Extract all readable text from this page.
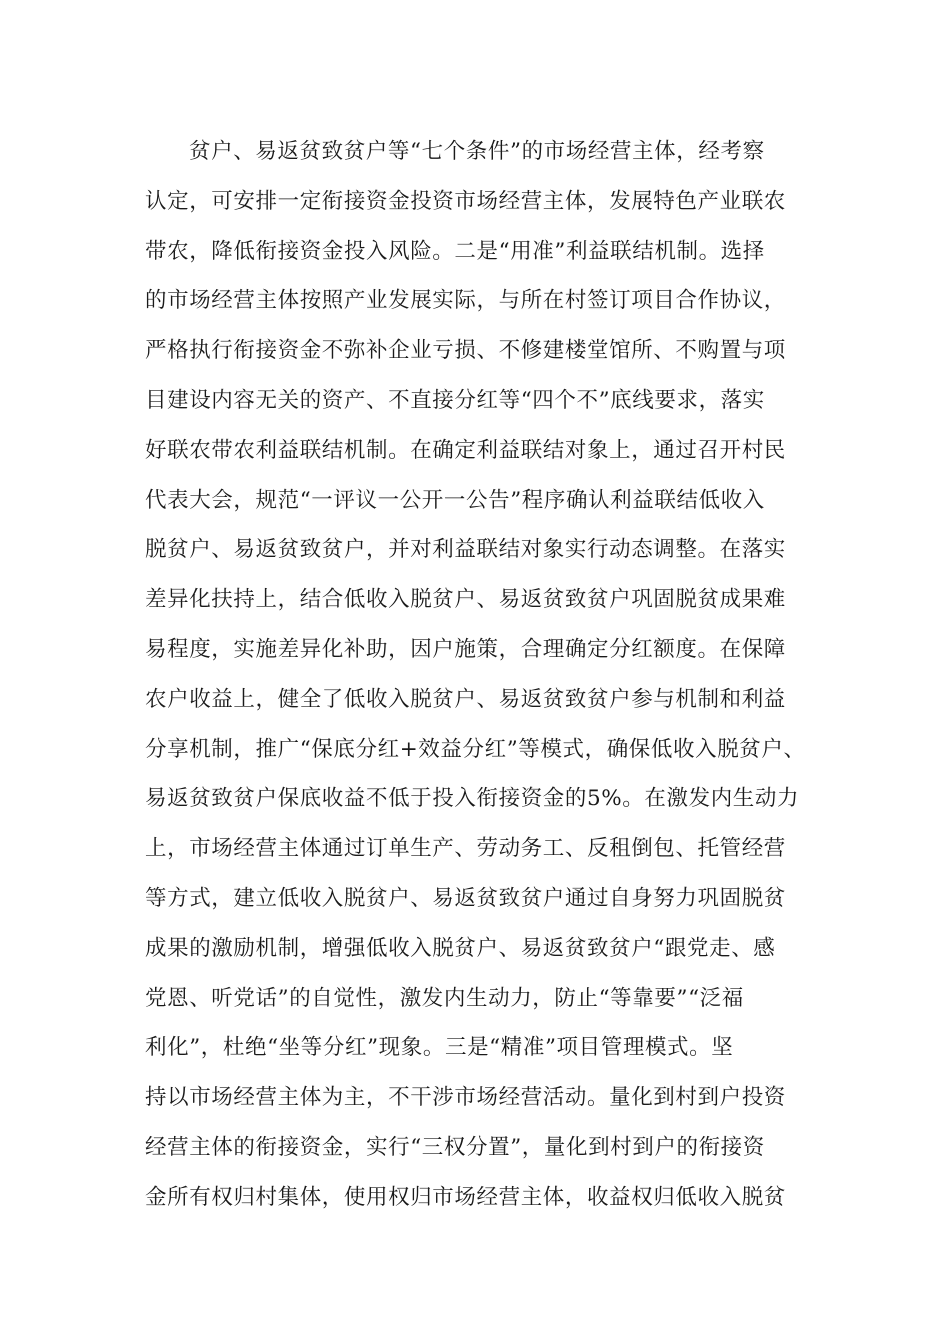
贫户、易返贫致贫户等“七个条件”的市场经营主体，经考察
认定，可安排一定衔接资金投资市场经营主体，发展特色产业联农
带农，降低衔接资金投入风险。二是“用准”利益联结机制。选择
的市场经营主体按照产业发展实际，与所在村签订项目合作协议，
严格执行衔接资金不弥补企业亏损、不修建楼堂馆所、不购置与项
目建设内容无关的资产、不直接分红等“四个不”底线要求，落实
好联农带农利益联结机制。在确定利益联结对象上，通过召开村民
代表大会，规范“一评议一公开一公告”程序确认利益联结低收入
脱贫户、易返贫致贫户，并对利益联结对象实行动态调整。在落实
差异化扶持上，结合低收入脱贫户、易返贫致贫户巩固脱贫成果难
易程度，实施差异化补助，因户施策，合理确定分红额度。在保障
农户收益上，健全了低收入脱贫户、易返贫致贫户参与机制和利益
分享机制，推广“保底分红+效益分红”等模式，确保低收入脱贫户、
易返贫致贫户保底收益不低于投入衔接资金的5%。在激发内生动力
上，市场经营主体通过订单生产、劳动务工、反租倒包、托管经营
等方式，建立低收入脱贫户、易返贫致贫户通过自身努力巩固脱贫
成果的激励机制，增强低收入脱贫户、易返贫致贫户“跟党走、感
党恩、听党话”的自觉性，激发内生动力，防止“等靠要”“泛福
利化”，杜绝“坐等分红”现象。三是“精准”项目管理模式。坚
持以市场经营主体为主，不干涉市场经营活动。量化到村到户投资
经营主体的衔接资金，实行“三权分置”，量化到村到户的衔接资
金所有权归村集体，使用权归市场经营主体，收益权归低收入脱贫
